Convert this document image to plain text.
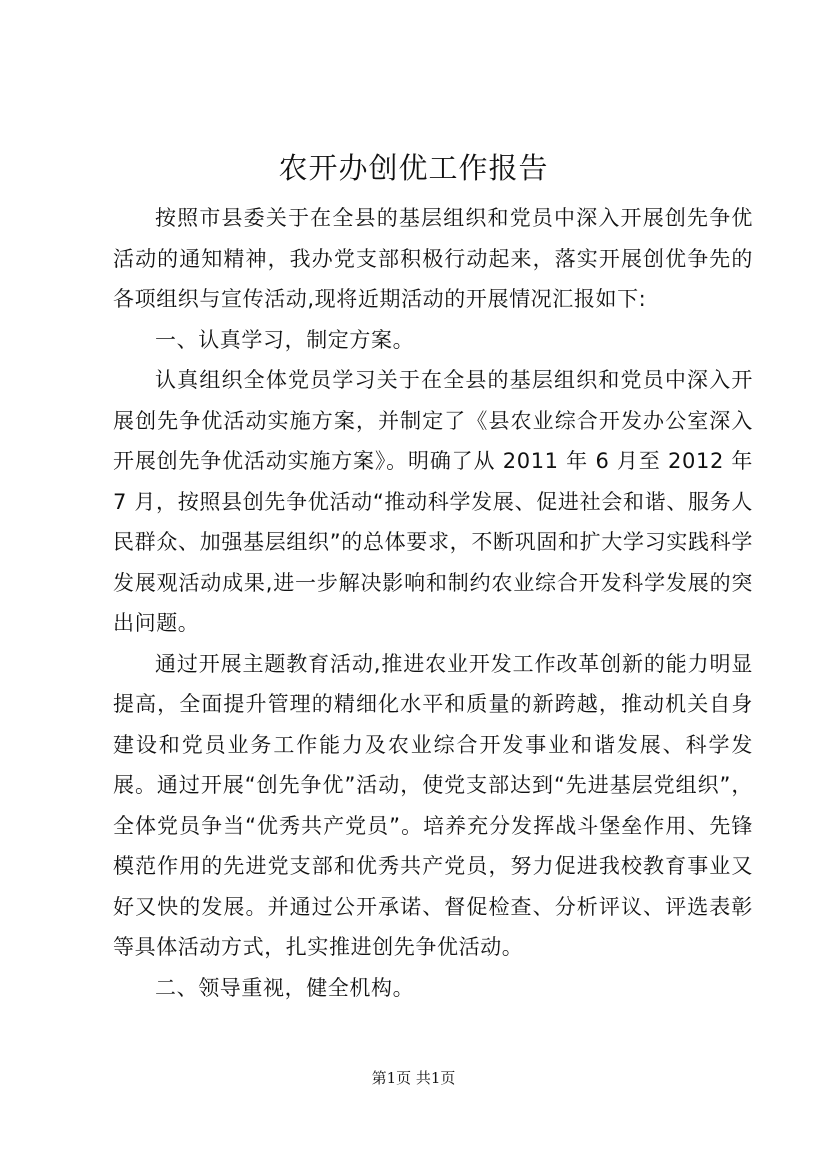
农开办创优工作报告

按照市县委关于在全县的基层组织和党员中深入开展创先争优活动的通知精神，我办党支部积极行动起来，落实开展创优争先的各项组织与宣传活动,现将近期活动的开展情况汇报如下:

一、认真学习，制定方案。

认真组织全体党员学习关于在全县的基层组织和党员中深入开展创先争优活动实施方案，并制定了《县农业综合开发办公室深入开展创先争优活动实施方案》。明确了从 2011 年 6 月至 2012 年 7 月，按照县创先争优活动“推动科学发展、促进社会和谐、服务人民群众、加强基层组织”的总体要求，不断巩固和扩大学习实践科学发展观活动成果,进一步解决影响和制约农业综合开发科学发展的突出问题。

通过开展主题教育活动,推进农业开发工作改革创新的能力明显提高，全面提升管理的精细化水平和质量的新跨越，推动机关自身建设和党员业务工作能力及农业综合开发事业和谐发展、科学发展。通过开展“创先争优”活动，使党支部达到“先进基层党组织”，全体党员争当“优秀共产党员”。培养充分发挥战斗堡垒作用、先锋模范作用的先进党支部和优秀共产党员，努力促进我校教育事业又好又快的发展。并通过公开承诺、督促检查、分析评议、评选表彰等具体活动方式，扎实推进创先争优活动。

二、领导重视，健全机构。

第1页 共1页
